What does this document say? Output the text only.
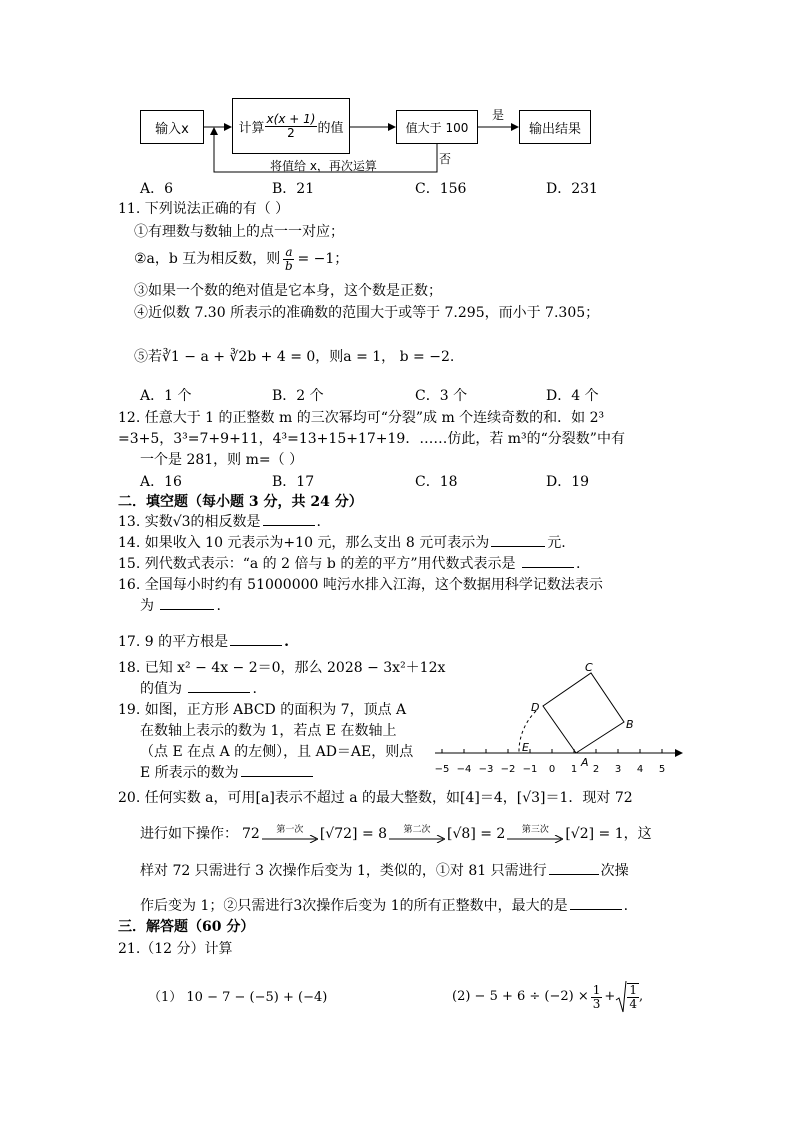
输入x	计算 $\frac{x(x + 1)}{2}$ 的值	值大于 100	输出结果
是
否
将值给 x，再次运算
A．6	B．21	C．156	D．231
11. 下列说法正确的有（ ）
①有理数与数轴上的点一一对应；
②a，b 互为相反数，则 $\frac{a}{b} = -1$；
③如果一个数的绝对值是它本身，这个数是正数；
④近似数 7.30 所表示的准确数的范围大于或等于 7.295，而小于 7.305；
⑤若∛1 − a + ∛2b + 4 = 0，则a = 1， b = −2.
A．1 个	B．2 个	C．3 个	D．4 个
12. 任意大于 1 的正整数 m 的三次幂均可“分裂”成 m 个连续奇数的和．如 2³
=3+5，3³=7+9+11，4³=13+15+17+19．……仿此，若 m³的“分裂数”中有
一个是 281，则 m=（ ）
A．16	B．17	C．18	D．19
二．填空题（每小题 3 分，共 24 分）
13. 实数√3的相反数是	.
14. 如果收入 10 元表示为+10 元，那么支出 8 元可表示为	元.
15. 列代数式表示：“a 的 2 倍与 b 的差的平方”用代数式表示是	.
16. 全国每小时约有 51000000 吨污水排入江海，这个数据用科学记数法表示
为	.
17. 9 的平方根是	.
18. 已知 x² − 4x − 2＝0，那么 2028 − 3x²＋12x
的值为	.
19. 如图，正方形 ABCD 的面积为 7，顶点 A
在数轴上表示的数为 1，若点 E 在数轴上
（点 E 在点 A 的左侧），且 AD＝AE，则点
E 所表示的数为	−5 −4 −3 −2 −1 0 1 2 3 4 5
A
B
C
D
E
20. 任何实数 a，可用[a]表示不超过 a 的最大整数，如[4]＝4，[√3]＝1．现对 72
进行如下操作： 72 第一次 [√72] = 8 第二次 [√8] = 2 第三次 [√2] = 1 ，这
样对 72 只需进行 3 次操作后变为 1，类似的，①对 81 只需进行	次操
作后变为 1；②只需进行3次操作后变为 1的所有正整数中，最大的是	.
三．解答题（60 分）
21.（12 分）计算
（1） 10 − 7 − (−5) + (−4)	$(2) - 5 + 6 \div (-2) \times \frac{1}{3} + \frac{1}{4}$ ,
